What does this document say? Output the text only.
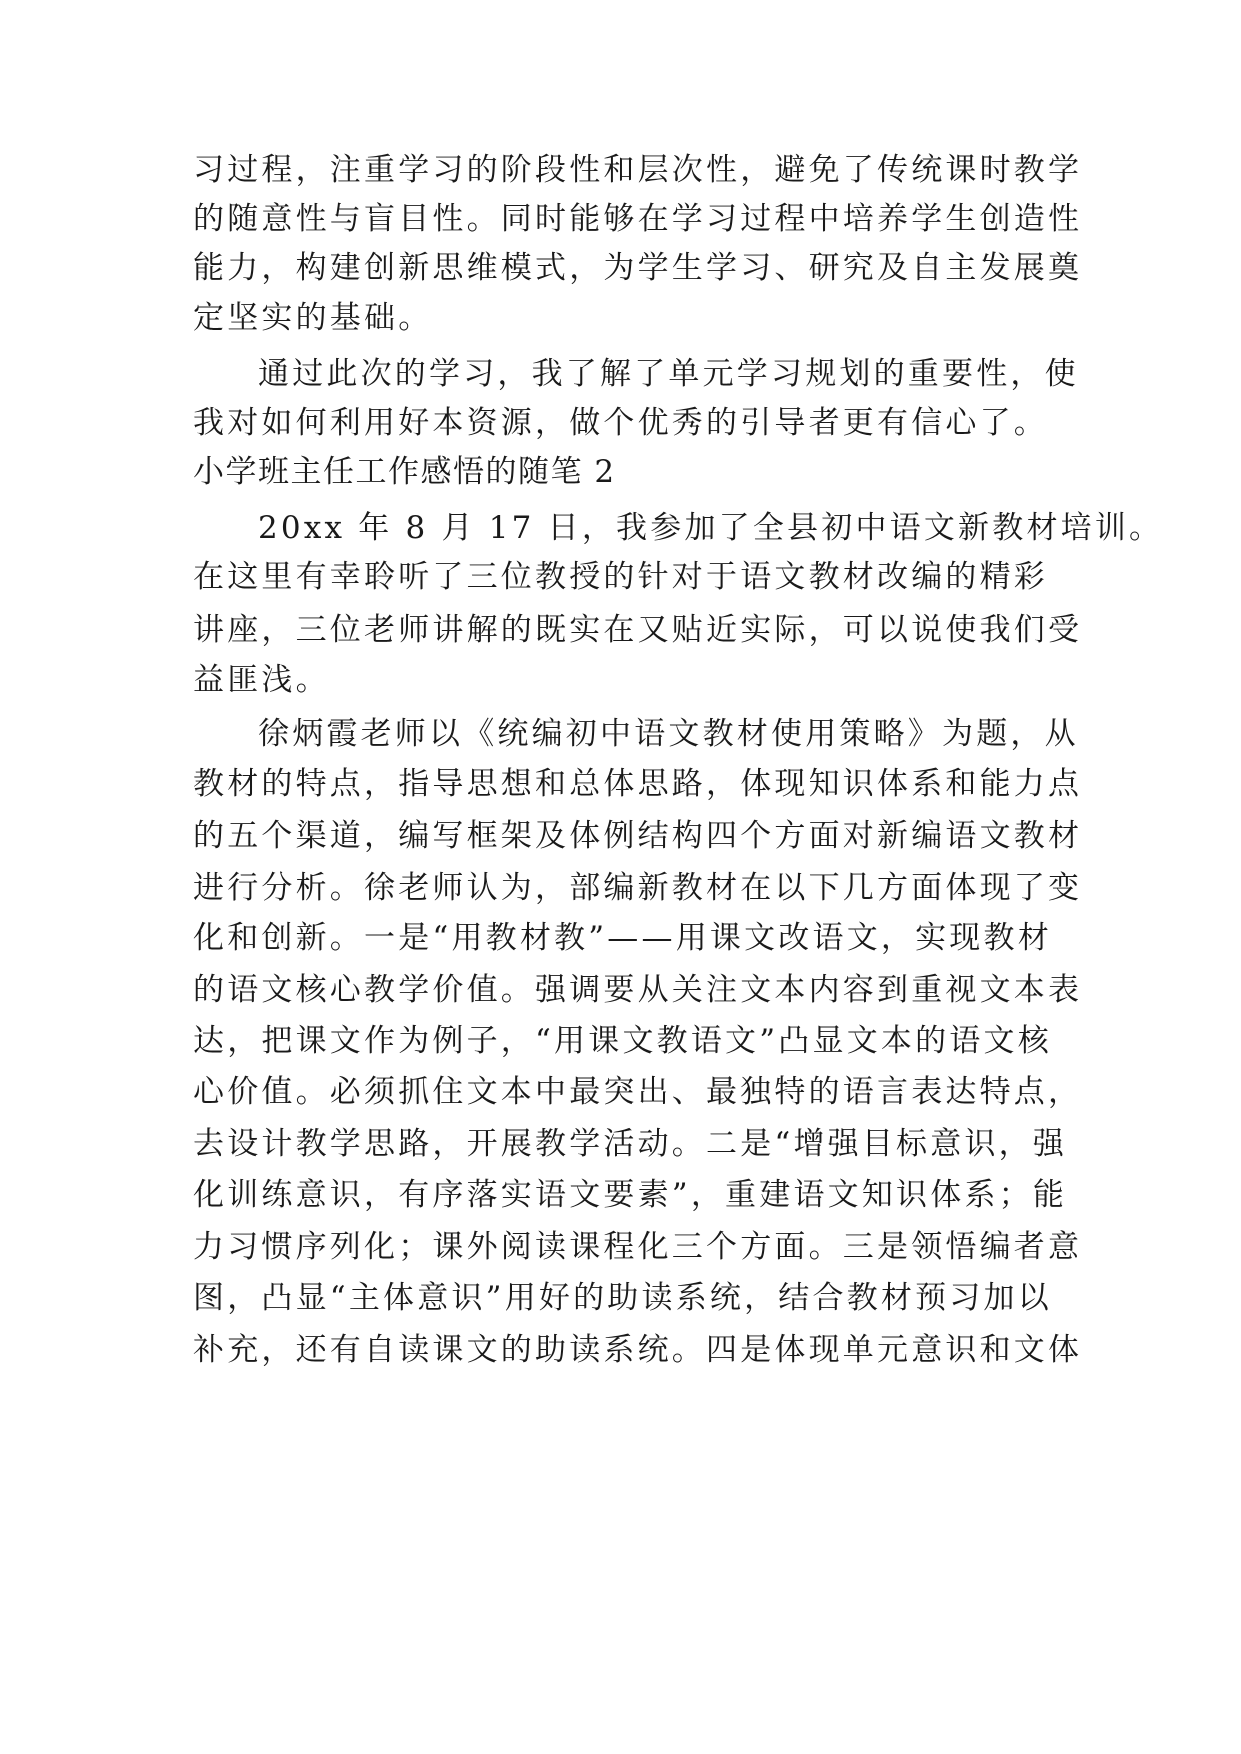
习过程，注重学习的阶段性和层次性，避免了传统课时教学
的随意性与盲目性。同时能够在学习过程中培养学生创造性
能力，构建创新思维模式，为学生学习、研究及自主发展奠
定坚实的基础。
通过此次的学习，我了解了单元学习规划的重要性，使
我对如何利用好本资源，做个优秀的引导者更有信心了。
小学班主任工作感悟的随笔 2
20xx 年 8 月 17 日，我参加了全县初中语文新教材培训。
在这里有幸聆听了三位教授的针对于语文教材改编的精彩
讲座，三位老师讲解的既实在又贴近实际，可以说使我们受
益匪浅。
徐炳霞老师以《统编初中语文教材使用策略》为题，从
教材的特点，指导思想和总体思路，体现知识体系和能力点
的五个渠道，编写框架及体例结构四个方面对新编语文教材
进行分析。徐老师认为，部编新教材在以下几方面体现了变
化和创新。一是“用教材教”——用课文改语文，实现教材
的语文核心教学价值。强调要从关注文本内容到重视文本表
达，把课文作为例子，“用课文教语文”凸显文本的语文核
心价值。必须抓住文本中最突出、最独特的语言表达特点，
去设计教学思路，开展教学活动。二是“增强目标意识，强
化训练意识，有序落实语文要素”，重建语文知识体系；能
力习惯序列化；课外阅读课程化三个方面。三是领悟编者意
图，凸显“主体意识”用好的助读系统，结合教材预习加以
补充，还有自读课文的助读系统。四是体现单元意识和文体
